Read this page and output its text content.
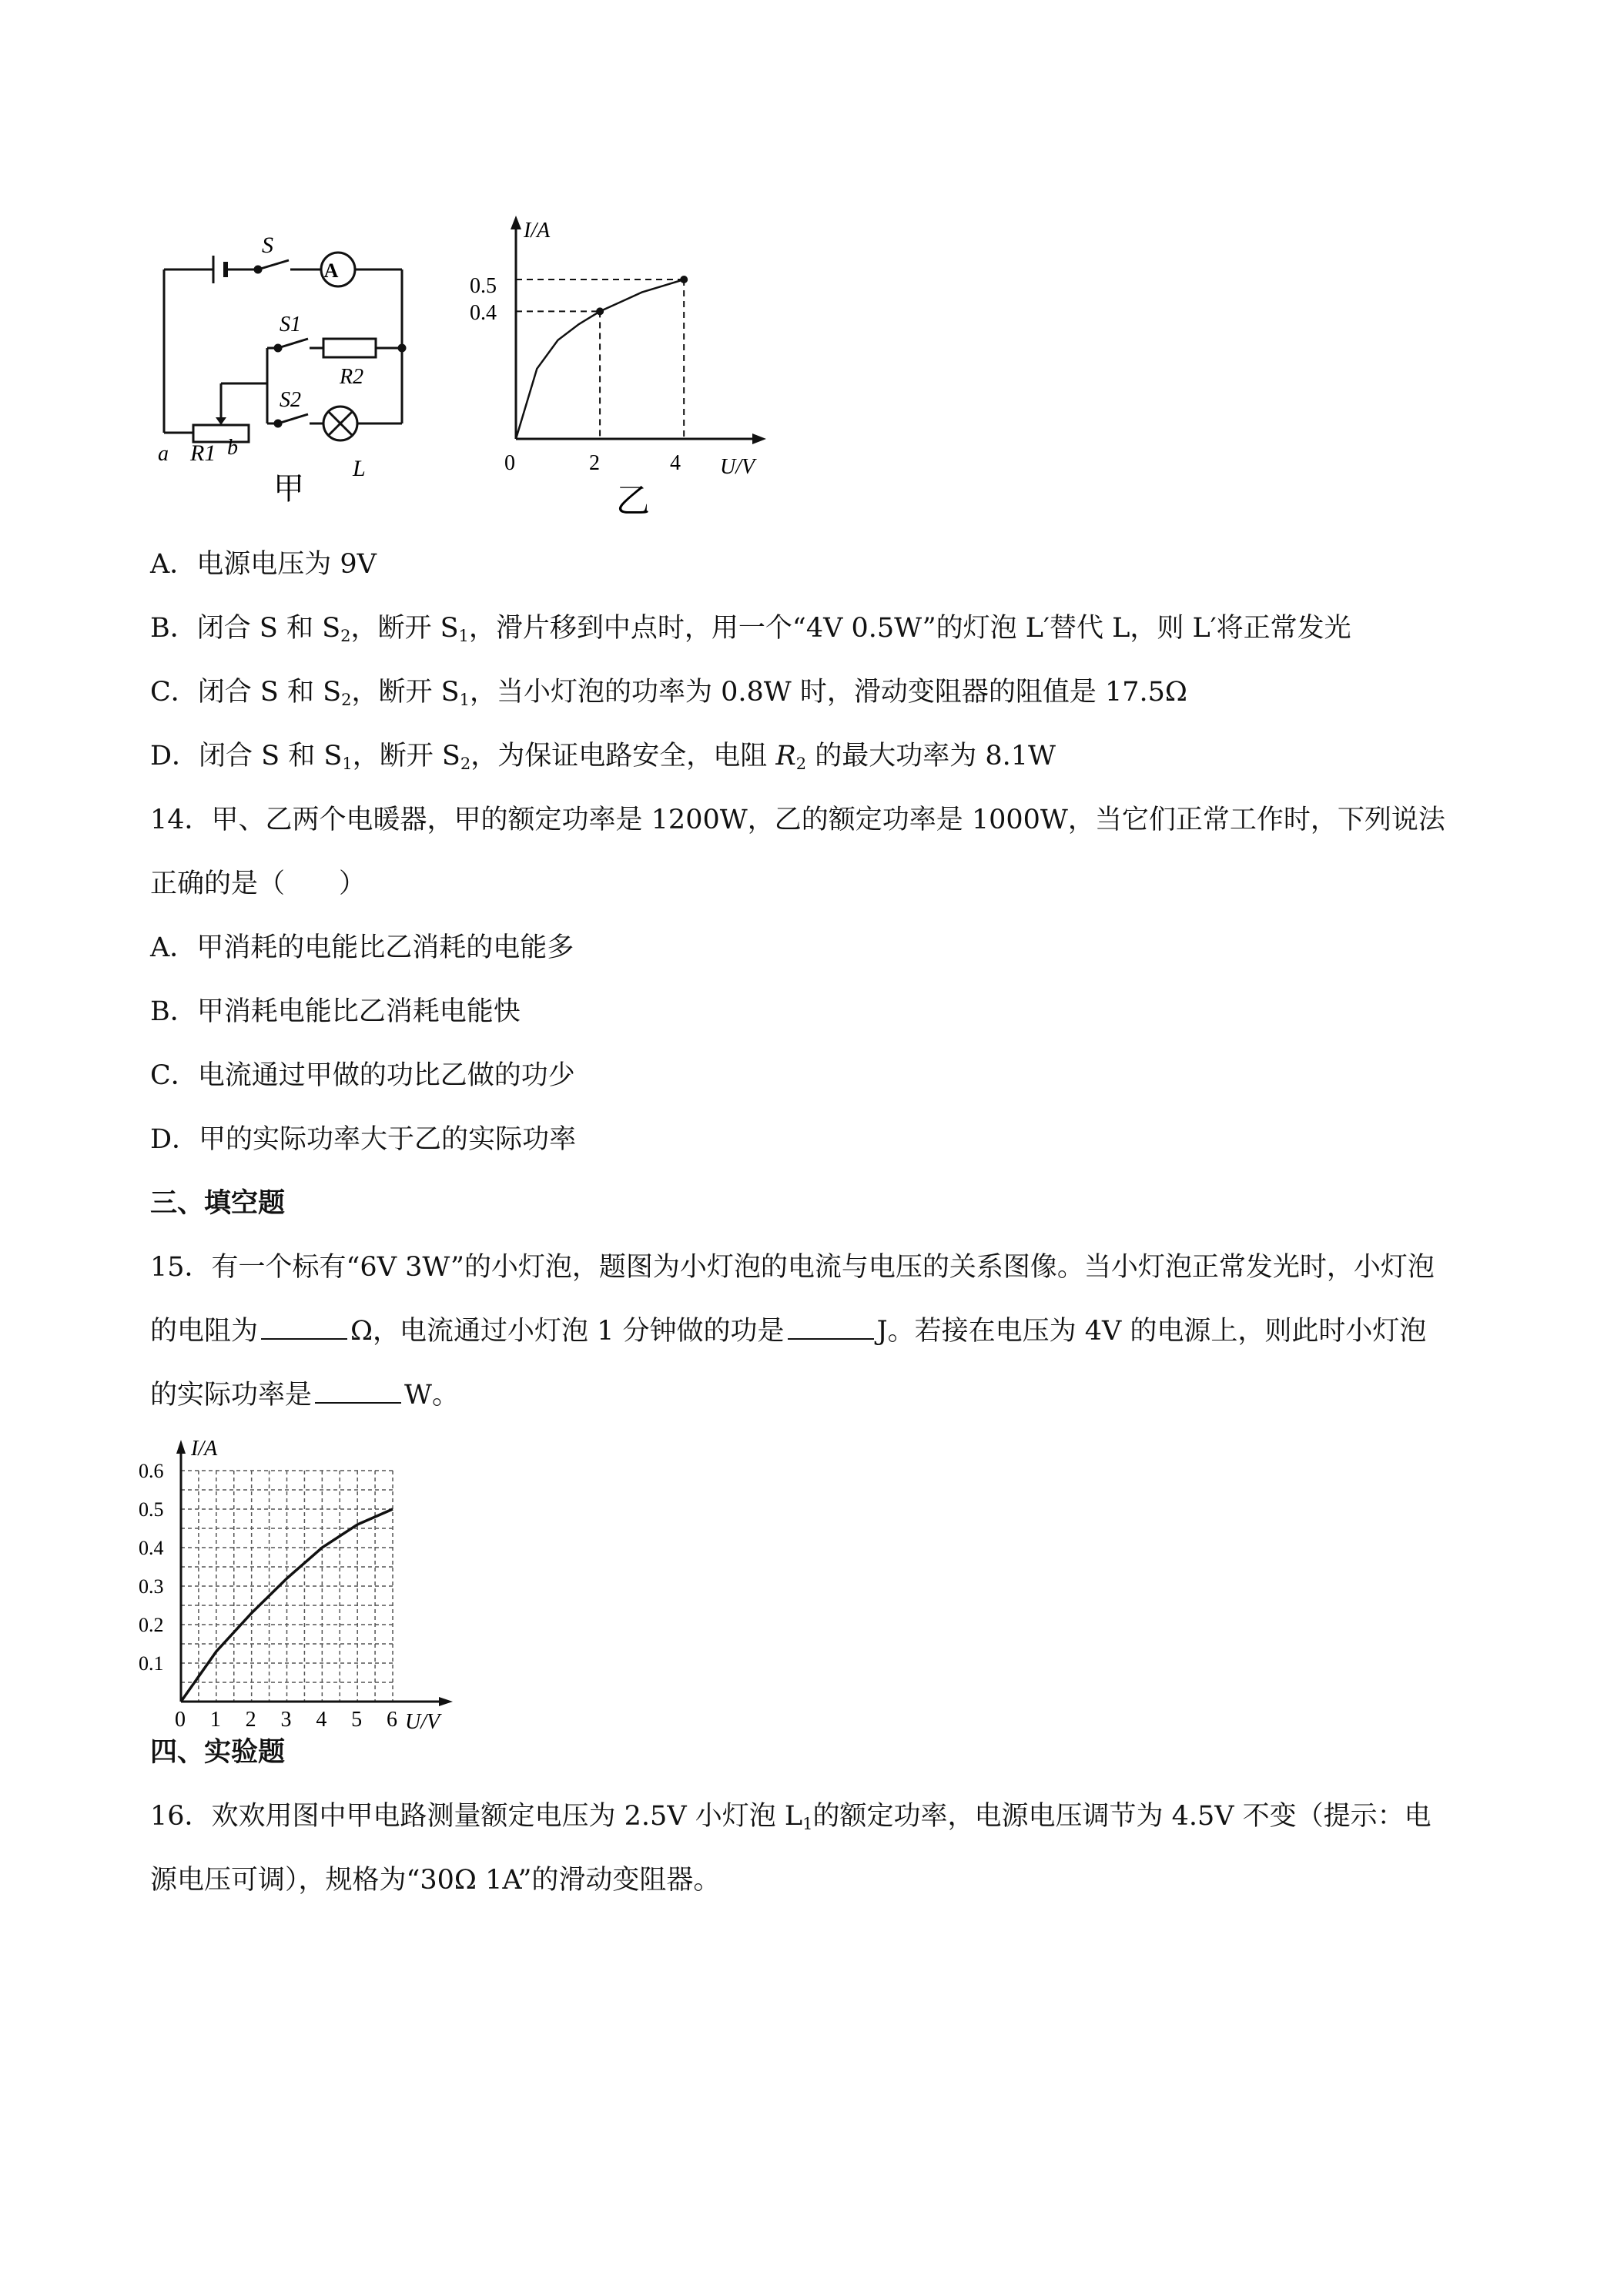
S
A
S1
R2
S2
a R1 b
L
甲
I/A
U/V
0
0.5
0.4
2	4
乙

A．电源电压为 9V

B．闭合 S 和 $S_2$，断开 $S_1$，滑片移到中点时，用一个“4V 0.5W”的灯泡 L′替代 L，则 L′将正常发光

C．闭合 S 和 $S_2$，断开 $S_1$，当小灯泡的功率为 0.8W 时，滑动变阻器的阻值是 17.5Ω

D．闭合 S 和 $S_1$，断开 $S_2$，为保证电路安全，电阻 $R_2$ 的最大功率为 8.1W

14．甲、乙两个电暖器，甲的额定功率是 1200W，乙的额定功率是 1000W，当它们正常工作时，下列说法

正确的是（　　）

A．甲消耗的电能比乙消耗的电能多

B．甲消耗电能比乙消耗电能快

C．电流通过甲做的功比乙做的功少

D．甲的实际功率大于乙的实际功率

三、填空题

15．有一个标有“6V 3W”的小灯泡，题图为小灯泡的电流与电压的关系图像。当小灯泡正常发光时，小灯泡

的电阻为	Ω，电流通过小灯泡 1 分钟做的功是	J。若接在电压为 4V 的电源上，则此时小灯泡

的实际功率是	W。

0 1 2 3 4 5 6
0.1
0.2
0.3
0.4
0.5
0.6
I/A
U/V

四、实验题

16．欢欢用图中甲电路测量额定电压为 2.5V 小灯泡 $L_1$的额定功率，电源电压调节为 4.5V 不变（提示：电

源电压可调），规格为“30Ω 1A”的滑动变阻器。
